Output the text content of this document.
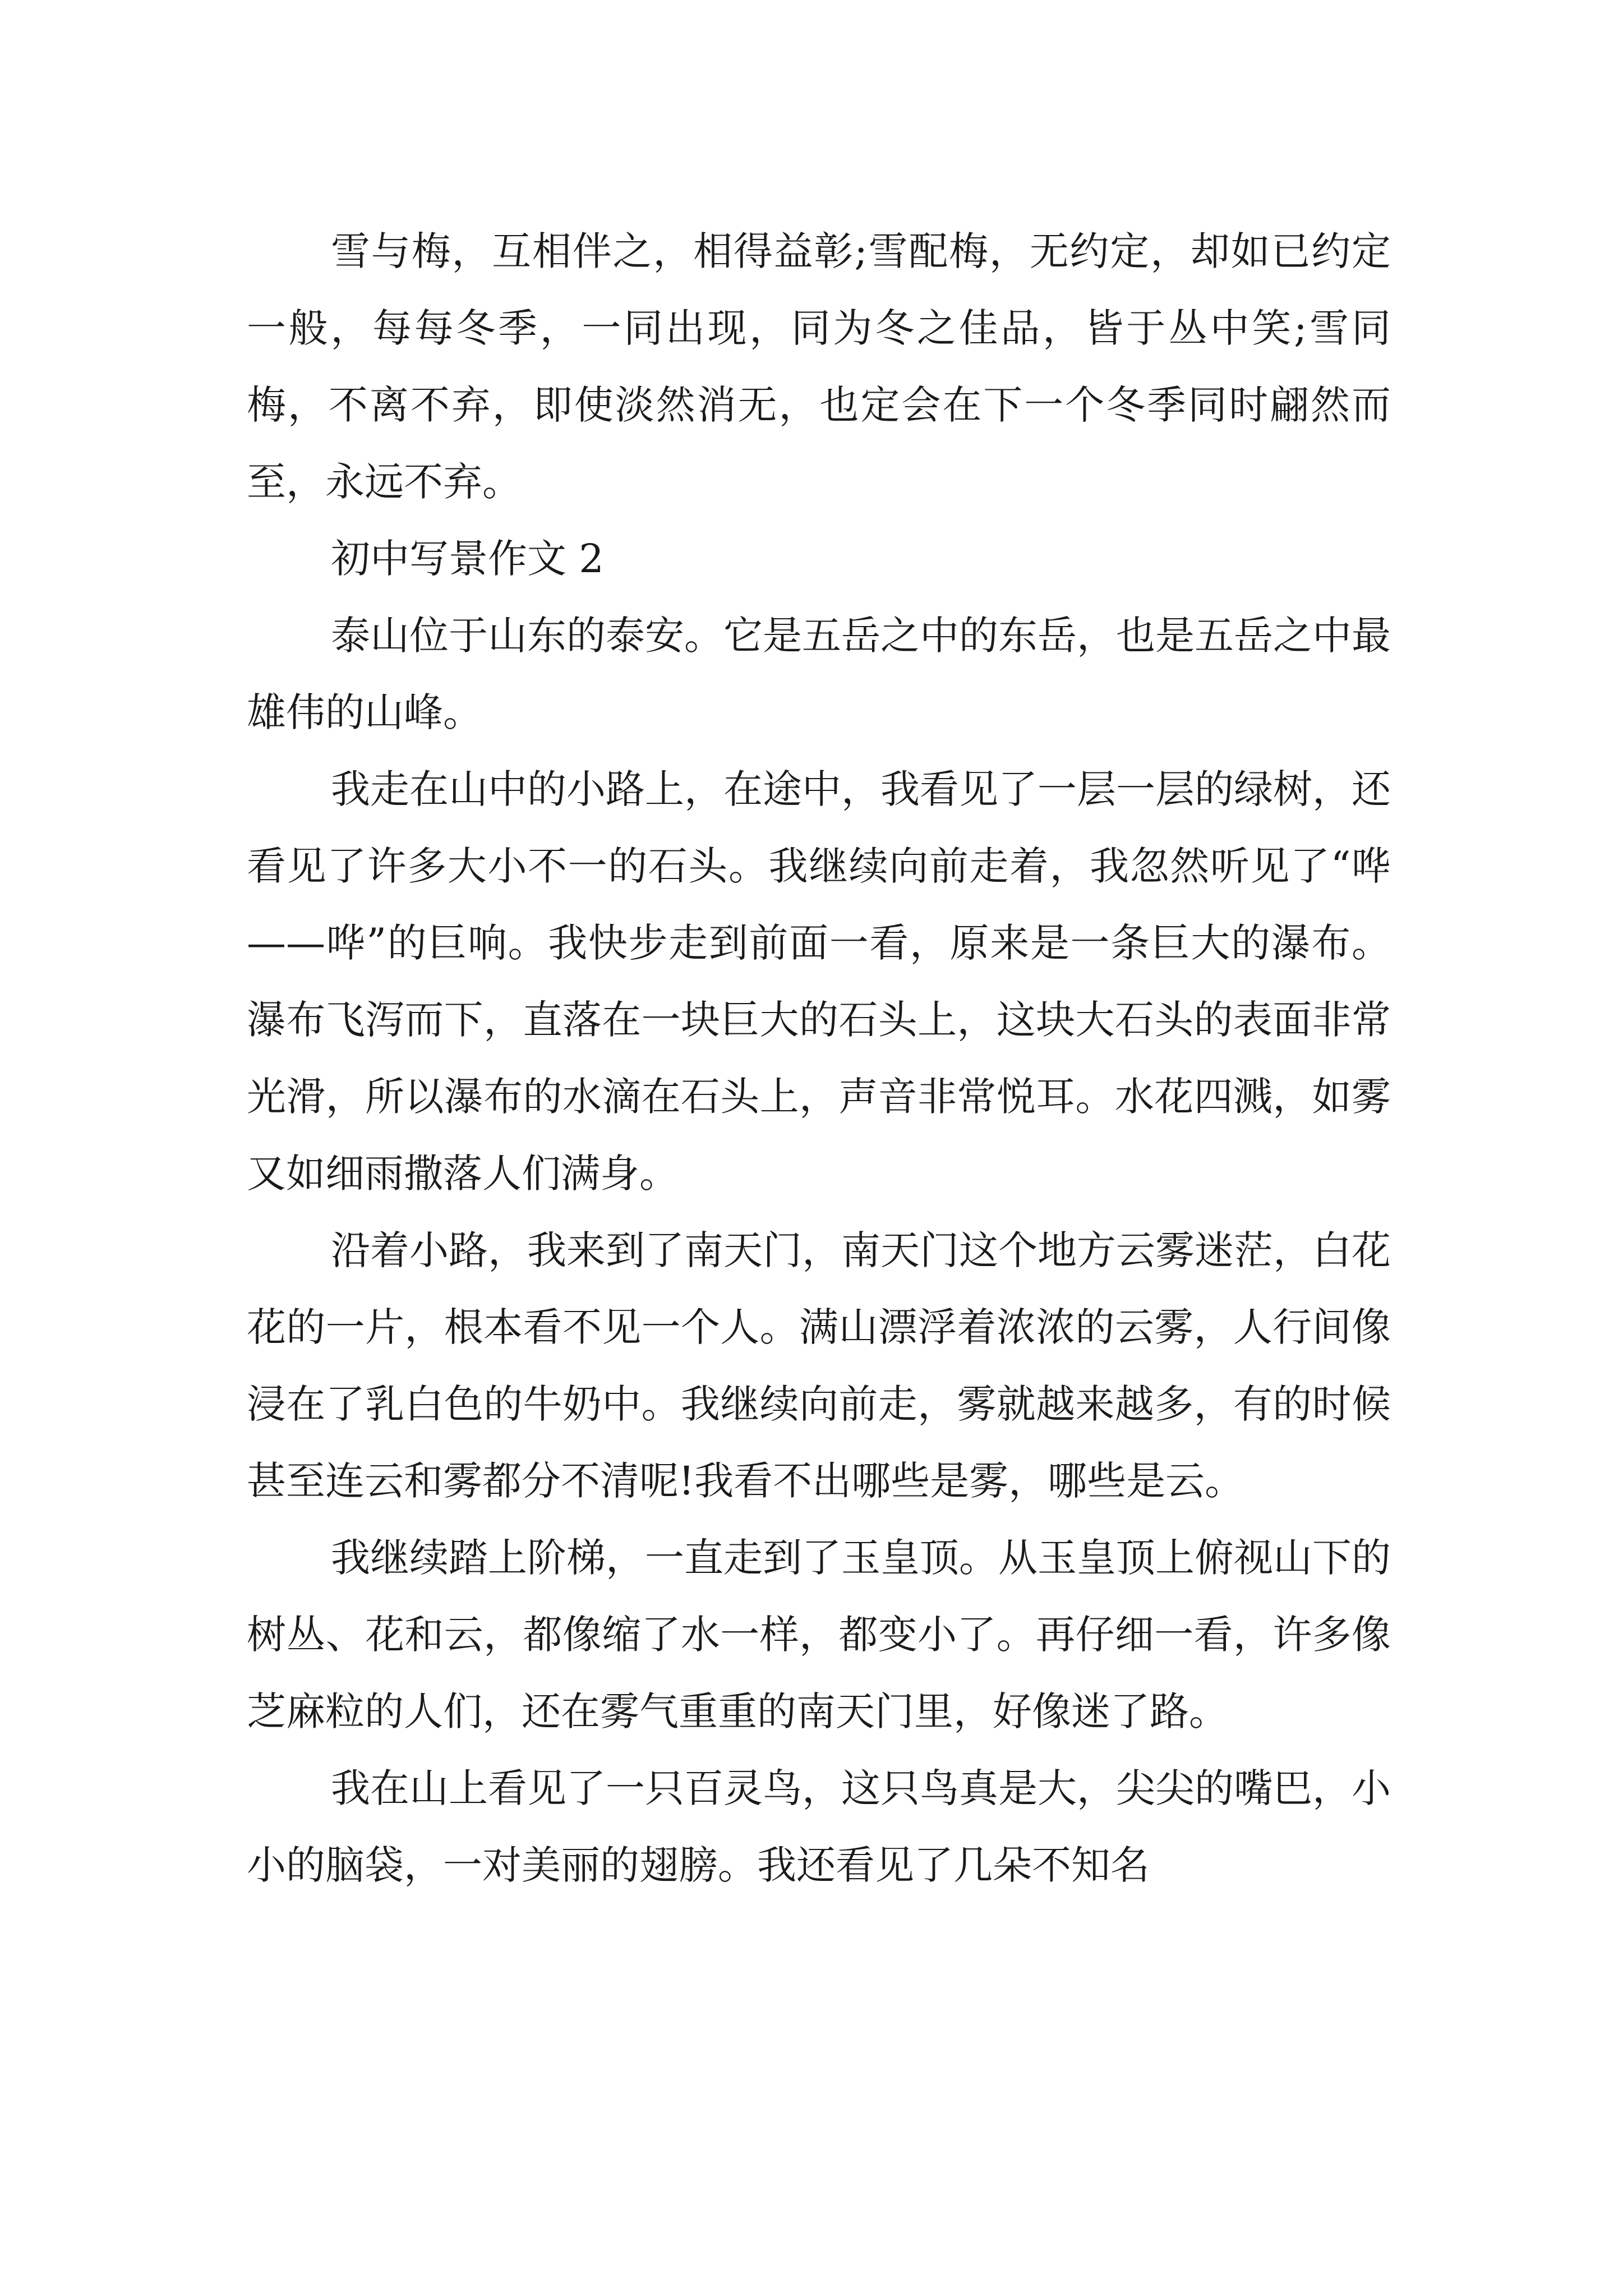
雪与梅，互相伴之，相得益彰;雪配梅，无约定，却如已约定一般，每每冬季，一同出现，同为冬之佳品，皆于丛中笑;雪同梅，不离不弃，即使淡然消无，也定会在下一个冬季同时翩然而至，永远不弃。

初中写景作文 2

泰山位于山东的泰安。它是五岳之中的东岳，也是五岳之中最雄伟的山峰。

我走在山中的小路上，在途中，我看见了一层一层的绿树，还看见了许多大小不一的石头。我继续向前走着，我忽然听见了“哗——哗”的巨响。我快步走到前面一看，原来是一条巨大的瀑布。瀑布飞泻而下，直落在一块巨大的石头上，这块大石头的表面非常光滑，所以瀑布的水滴在石头上，声音非常悦耳。水花四溅，如雾又如细雨撒落人们满身。

沿着小路，我来到了南天门，南天门这个地方云雾迷茫，白花花的一片，根本看不见一个人。满山漂浮着浓浓的云雾，人行间像浸在了乳白色的牛奶中。我继续向前走，雾就越来越多，有的时候甚至连云和雾都分不清呢!我看不出哪些是雾，哪些是云。

我继续踏上阶梯，一直走到了玉皇顶。从玉皇顶上俯视山下的树丛、花和云，都像缩了水一样，都变小了。再仔细一看，许多像芝麻粒的人们，还在雾气重重的南天门里，好像迷了路。

我在山上看见了一只百灵鸟，这只鸟真是大，尖尖的嘴巴，小小的脑袋，一对美丽的翅膀。我还看见了几朵不知名
